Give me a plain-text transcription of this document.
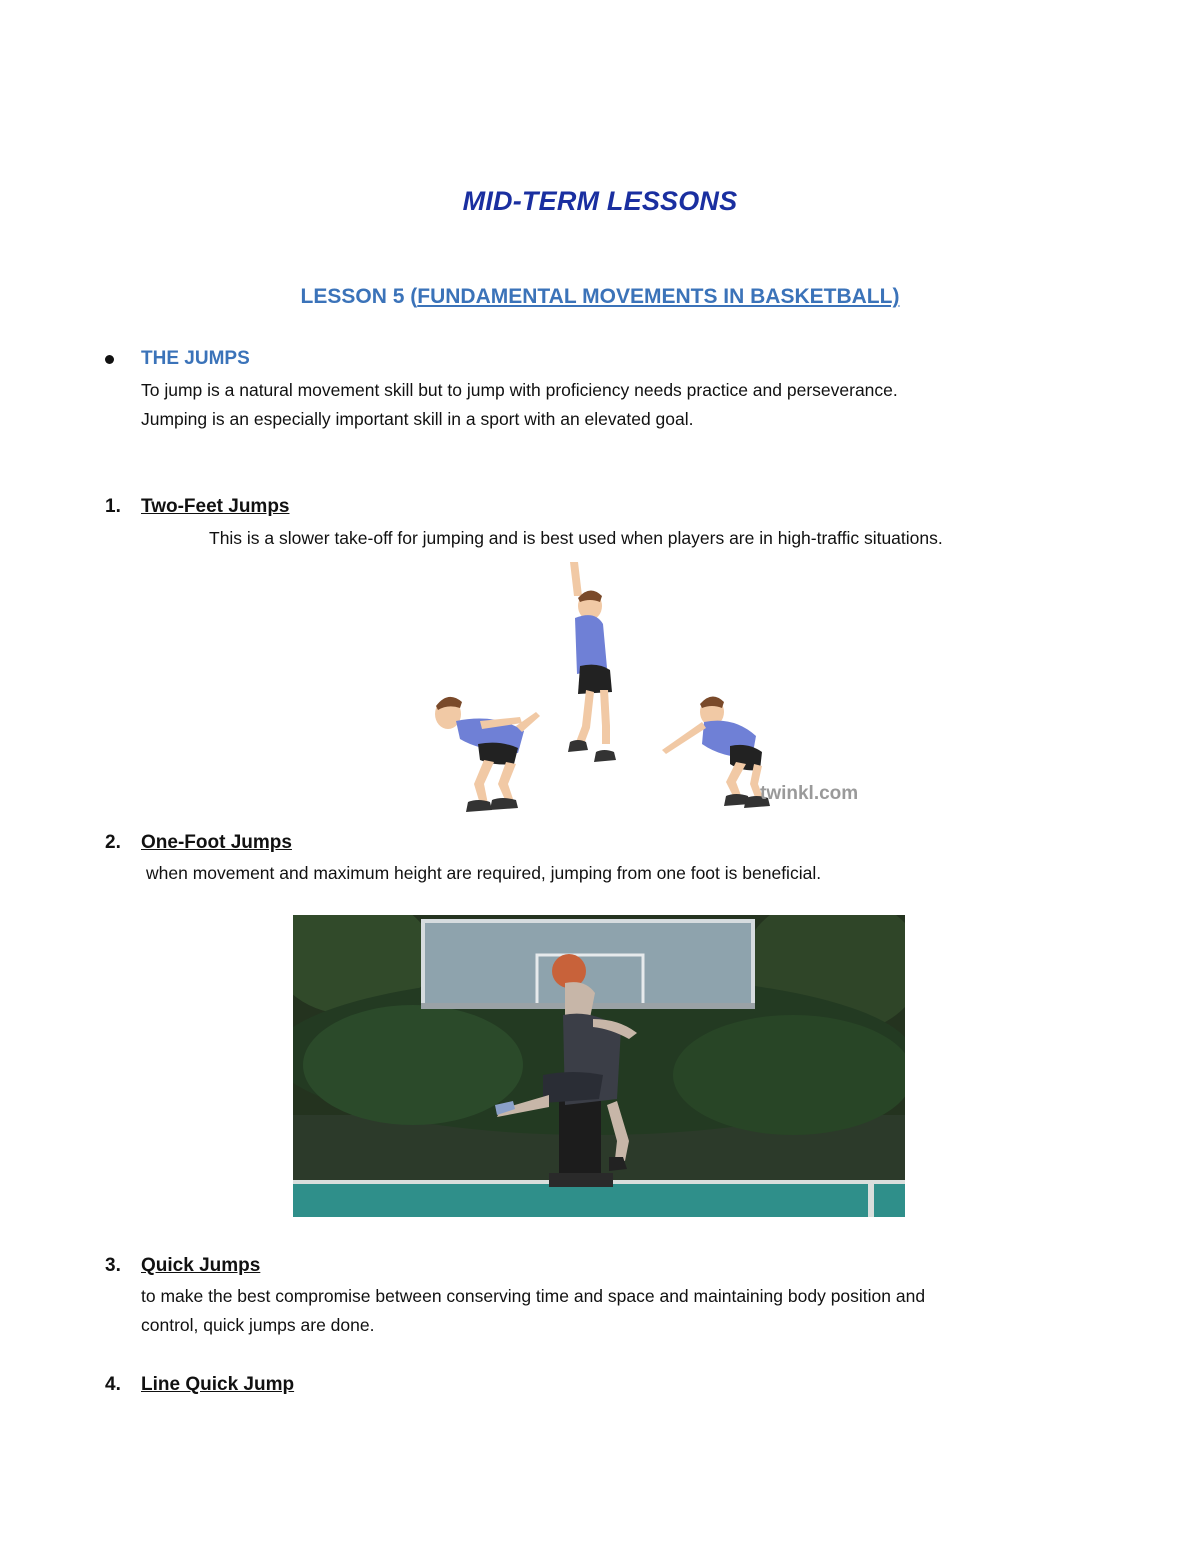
MID-TERM LESSONS
LESSON 5 (FUNDAMENTAL MOVEMENTS IN BASKETBALL)
THE JUMPS
To jump is a natural movement skill but to jump with proficiency needs practice and perseverance.
Jumping is an especially important skill in a sport with an elevated goal.
1. Two-Feet Jumps
This is a slower take-off for jumping and is best used when players are in high-traffic situations.
twinkl.com
2. One-Foot Jumps
when movement and maximum height are required, jumping from one foot is beneficial.
3. Quick Jumps
to make the best compromise between conserving time and space and maintaining body position and
control, quick jumps are done.
4. Line Quick Jump
